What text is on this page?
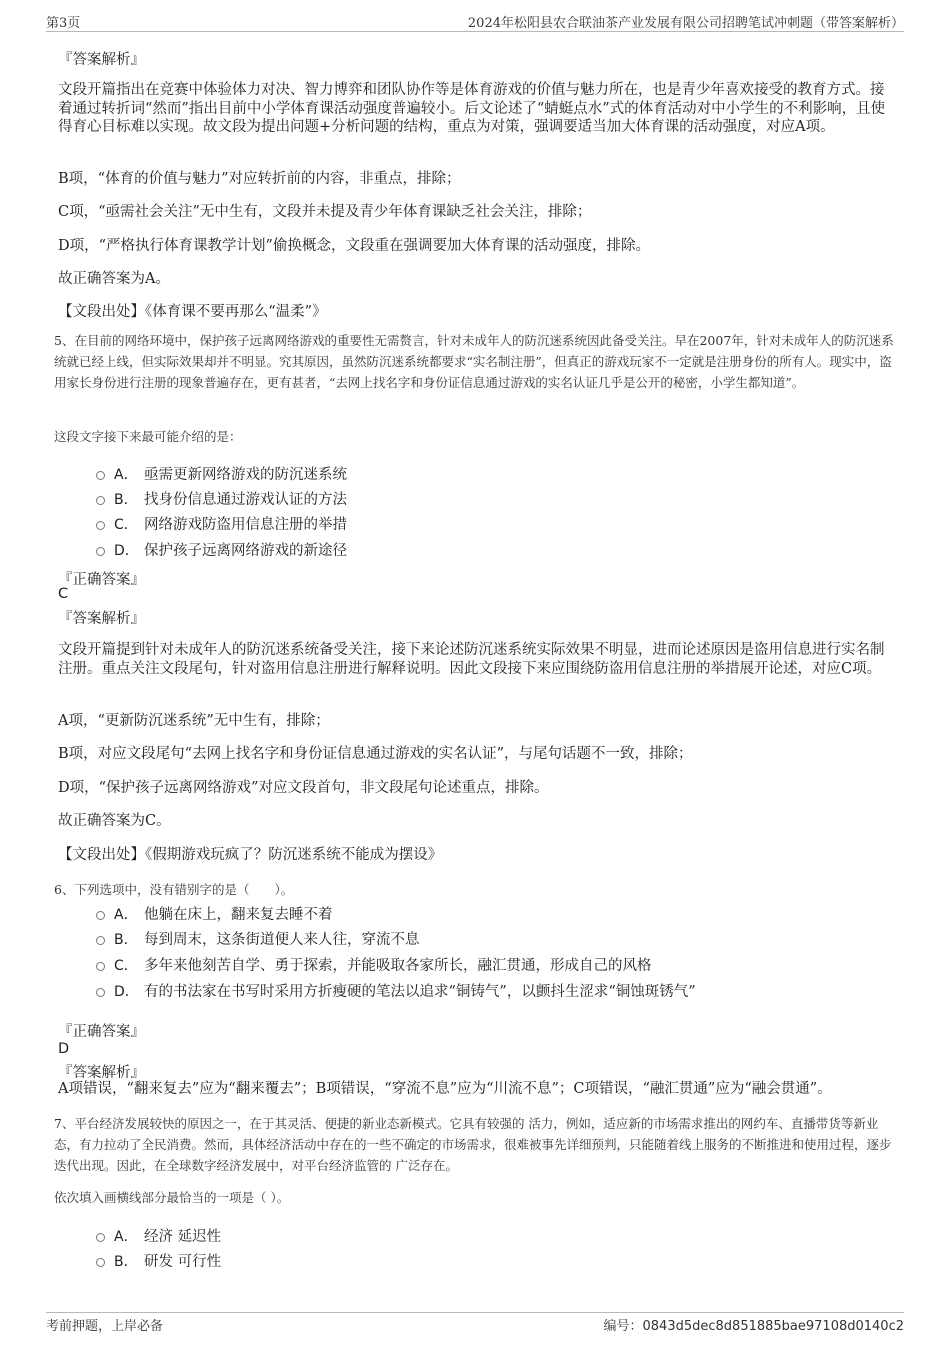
第3页	2024年松阳县农合联油茶产业发展有限公司招聘笔试冲刺题（带答案解析）
『答案解析』
文段开篇指出在竞赛中体验体力对决、智力博弈和团队协作等是体育游戏的价值与魅力所在，也是青少年喜欢接受的教育方式。接着通过转折词“然而”指出目前中小学体育课活动强度普遍较小。后文论述了“蜻蜓点水”式的体育活动对中小学生的不利影响，且使得育心目标难以实现。故文段为提出问题+分析问题的结构，重点为对策，强调要适当加大体育课的活动强度，对应A项。
B项，“体育的价值与魅力”对应转折前的内容，非重点，排除；
C项，“亟需社会关注”无中生有，文段并未提及青少年体育课缺乏社会关注，排除；
D项，“严格执行体育课教学计划”偷换概念，文段重在强调要加大体育课的活动强度，排除。
故正确答案为A。
【文段出处】《体育课不要再那么“温柔”》
5、在目前的网络环境中，保护孩子远离网络游戏的重要性无需赘言，针对未成年人的防沉迷系统因此备受关注。早在2007年，针对未成年人的防沉迷系统就已经上线，但实际效果却并不明显。究其原因，虽然防沉迷系统都要求“实名制注册”，但真正的游戏玩家不一定就是注册身份的所有人。现实中，盗用家长身份进行注册的现象普遍存在，更有甚者，“去网上找名字和身份证信息通过游戏的实名认证几乎是公开的秘密，小学生都知道”。
这段文字接下来最可能介绍的是：
A． 亟需更新网络游戏的防沉迷系统
B． 找身份信息通过游戏认证的方法
C． 网络游戏防盗用信息注册的举措
D． 保护孩子远离网络游戏的新途径
『正确答案』
C
『答案解析』
文段开篇提到针对未成年人的防沉迷系统备受关注，接下来论述防沉迷系统实际效果不明显，进而论述原因是盗用信息进行实名制注册。重点关注文段尾句，针对盗用信息注册进行解释说明。因此文段接下来应围绕防盗用信息注册的举措展开论述，对应C项。
A项，“更新防沉迷系统”无中生有，排除；
B项，对应文段尾句“去网上找名字和身份证信息通过游戏的实名认证”，与尾句话题不一致，排除；
D项，“保护孩子远离网络游戏”对应文段首句，非文段尾句论述重点，排除。
故正确答案为C。
【文段出处】《假期游戏玩疯了？防沉迷系统不能成为摆设》
6、下列选项中，没有错别字的是（　　）。
A． 他躺在床上，翻来复去睡不着
B． 每到周末，这条街道便人来人往，穿流不息
C． 多年来他刻苦自学、勇于探索，并能吸取各家所长，融汇贯通，形成自己的风格
D． 有的书法家在书写时采用方折瘦硬的笔法以追求“铜铸气”，以颤抖生涩求“铜蚀斑锈气”
『正确答案』
D
『答案解析』
A项错误，“翻来复去”应为“翻来覆去”；B项错误，“穿流不息”应为“川流不息”；C项错误，“融汇贯通”应为“融会贯通”。
7、平台经济发展较快的原因之一，在于其灵活、便捷的新业态新模式。它具有较强的 活力，例如，适应新的市场需求推出的网约车、直播带货等新业态，有力拉动了全民消费。然而，具体经济活动中存在的一些不确定的市场需求，很难被事先详细预判，只能随着线上服务的不断推进和使用过程，逐步迭代出现。因此，在全球数字经济发展中，对平台经济监管的 广泛存在。
依次填入画横线部分最恰当的一项是（ ）。
A． 经济 延迟性
B． 研发 可行性
考前押题，上岸必备	编号：0843d5dec8d851885bae97108d0140c2
